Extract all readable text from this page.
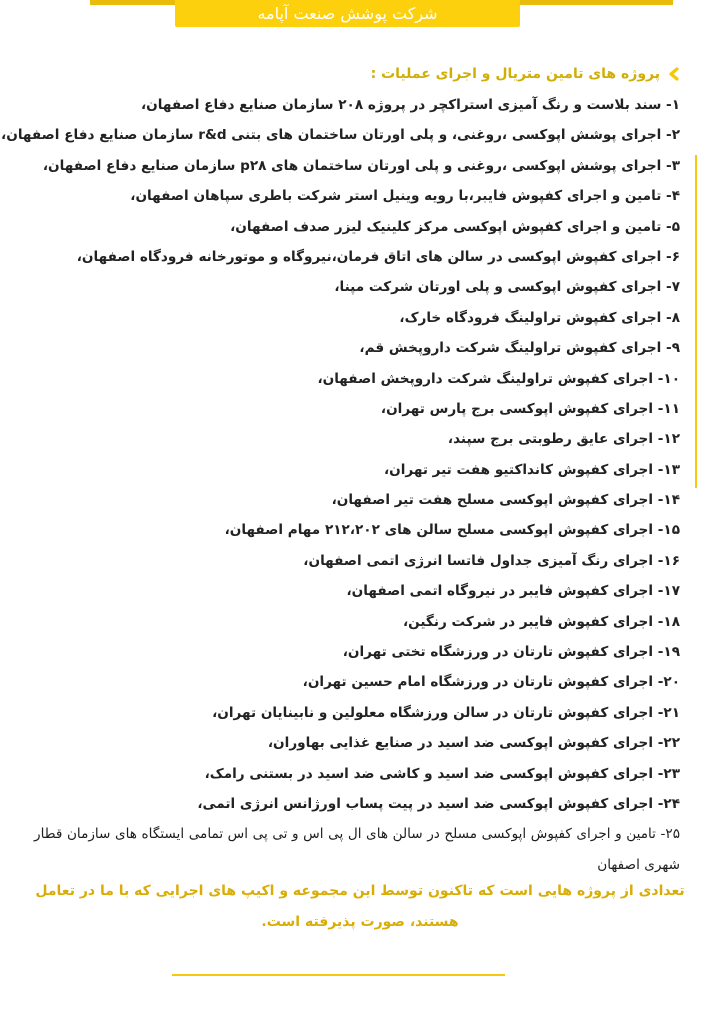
شرکت پوشش صنعت آپامه
پروژه های تامین متریال و اجرای عملیات :
۱- سند بلاست و رنگ آمیزی استراکچر در پروژه ۲۰۸ سازمان صنایع دفاع اصفهان،
۲- اجرای پوشش اپوکسی ،روغنی، و پلی اورتان ساختمان های بتنی r&d سازمان صنایع دفاع اصفهان،
۳- اجرای پوشش اپوکسی ،روغنی و پلی اورتان ساختمان های p۲۸ سازمان صنایع دفاع اصفهان،
۴- تامین و اجرای کفپوش فایبر،با رویه وینیل استر شرکت باطری سپاهان اصفهان،
۵- تامین و اجرای کفپوش اپوکسی مرکز کلینیک لیزر صدف اصفهان،
۶- اجرای کفپوش اپوکسی در سالن های اتاق فرمان،نیروگاه و موتورخانه فرودگاه اصفهان،
۷- اجرای کفپوش اپوکسی و پلی اورتان شرکت مپنا،
۸- اجرای کفپوش تراولینگ فرودگاه خارک،
۹- اجرای کفپوش تراولینگ شرکت داروپخش قم،
۱۰- اجرای کفپوش تراولینگ شرکت داروپخش اصفهان،
۱۱- اجرای کفپوش اپوکسی برج پارس تهران،
۱۲- اجرای عایق رطوبتی برج سپند،
۱۳- اجرای کفپوش کانداکتیو هفت تیر تهران،
۱۴- اجرای کفپوش اپوکسی مسلح هفت تیر اصفهان،
۱۵- اجرای کفپوش اپوکسی مسلح سالن های ۲۱۲،۲۰۲ مهام اصفهان،
۱۶- اجرای رنگ آمیزی جداول فاتسا انرژی اتمی اصفهان،
۱۷- اجرای کفپوش فایبر در نیروگاه اتمی اصفهان،
۱۸- اجرای کفپوش فایبر در شرکت رنگین،
۱۹- اجرای کفپوش تارتان در ورزشگاه تختی تهران،
۲۰- اجرای کفپوش تارتان در ورزشگاه امام حسین تهران،
۲۱- اجرای کفپوش تارتان در سالن ورزشگاه معلولین و نابینایان تهران،
۲۲- اجرای کفپوش اپوکسی ضد اسید در صنایع غذایی بهاوران،
۲۳- اجرای کفپوش اپوکسی ضد اسید و کاشی ضد اسید در بستنی رامک،
۲۴- اجرای کفپوش اپوکسی ضد اسید در پیت پساب اورژانس انرژی اتمی،
۲۵- تامین و اجرای کفپوش اپوکسی مسلح در سالن های ال پی اس و تی پی اس تمامی ایستگاه های سازمان قطار شهری اصفهان
تعدادی از پروژه هایی است که تاکنون توسط این مجموعه و اکیپ های اجرایی که با ما در تعامل هستند، صورت پذیرفته است.
